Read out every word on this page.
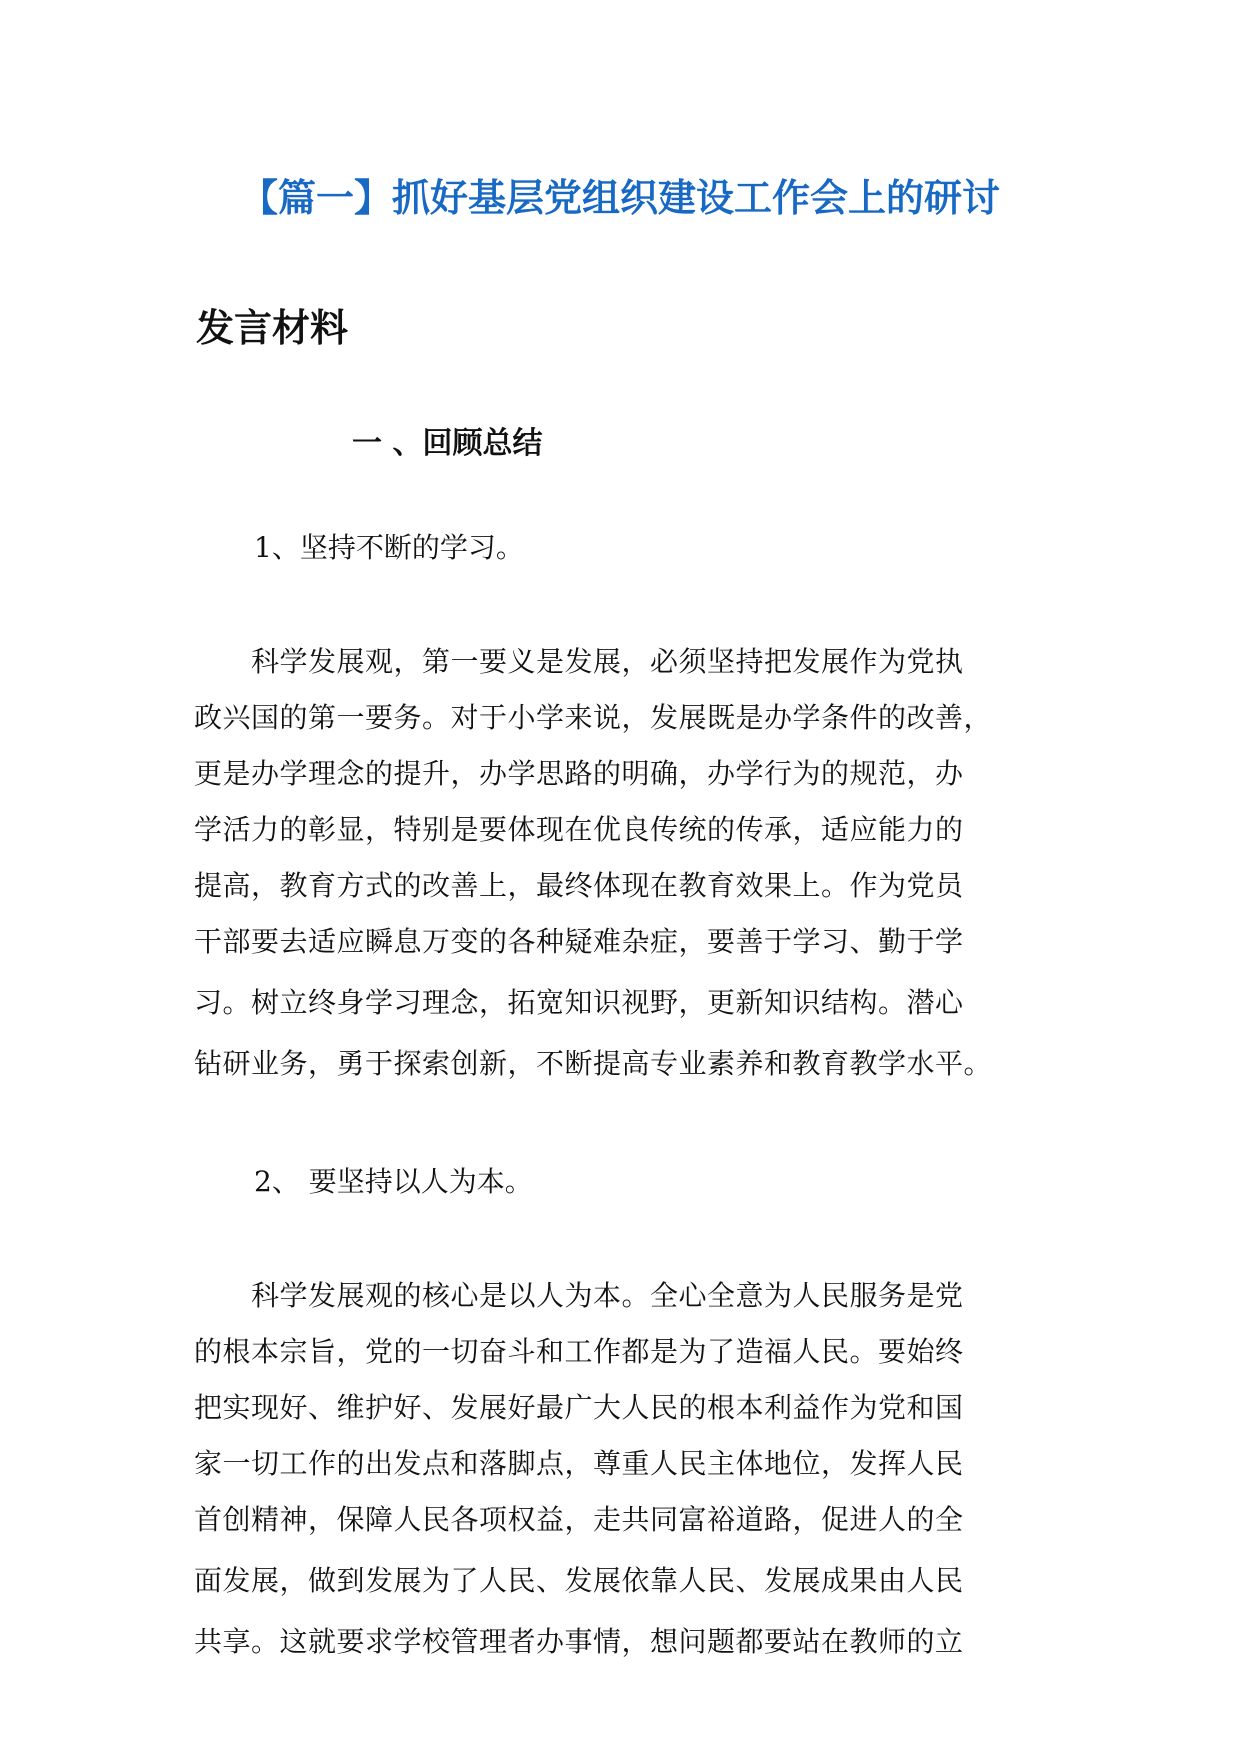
【篇一】抓好基层党组织建设工作会上的研讨
发言材料
一 、回顾总结
1、坚持不断的学习。
　　科学发展观，第一要义是发展，必须坚持把发展作为党执
政兴国的第一要务。对于小学来说，发展既是办学条件的改善，
更是办学理念的提升，办学思路的明确，办学行为的规范，办
学活力的彰显，特别是要体现在优良传统的传承，适应能力的
提高，教育方式的改善上，最终体现在教育效果上。作为党员
干部要去适应瞬息万变的各种疑难杂症，要善于学习、勤于学
习。树立终身学习理念，拓宽知识视野，更新知识结构。潜心
钻研业务，勇于探索创新，不断提高专业素养和教育教学水平。
2、 要坚持以人为本。
　　科学发展观的核心是以人为本。全心全意为人民服务是党
的根本宗旨，党的一切奋斗和工作都是为了造福人民。要始终
把实现好、维护好、发展好最广大人民的根本利益作为党和国
家一切工作的出发点和落脚点，尊重人民主体地位，发挥人民
首创精神，保障人民各项权益，走共同富裕道路，促进人的全
面发展，做到发展为了人民、发展依靠人民、发展成果由人民
共享。这就要求学校管理者办事情，想问题都要站在教师的立
